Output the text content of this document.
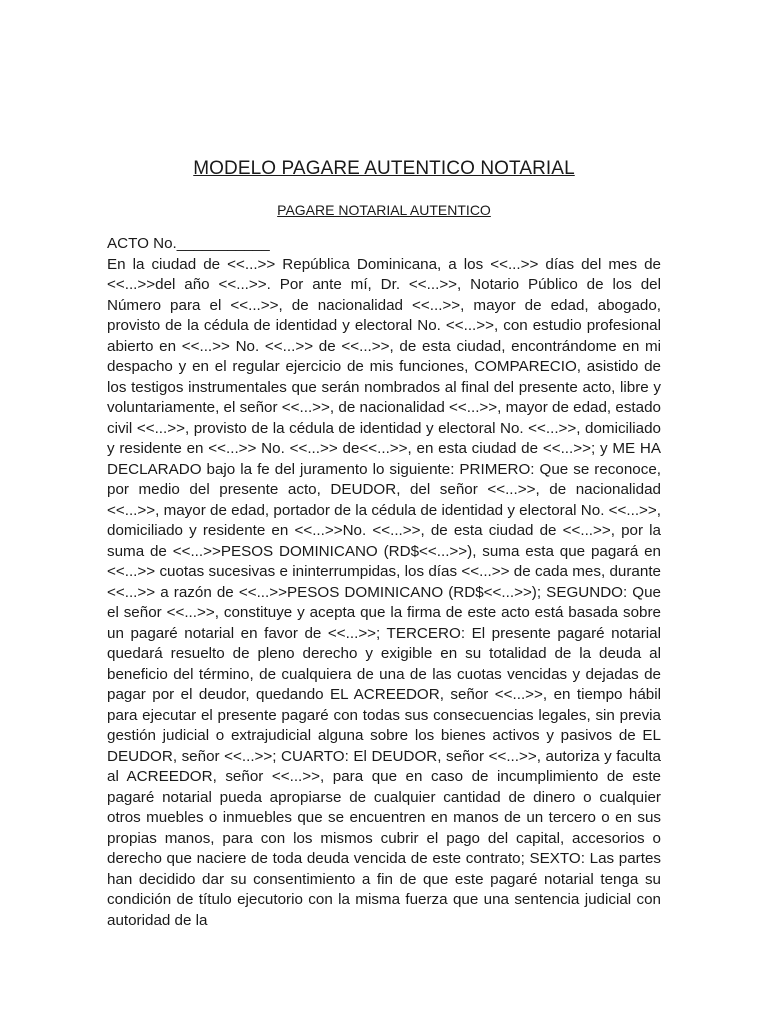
MODELO PAGARE AUTENTICO NOTARIAL
PAGARE NOTARIAL AUTENTICO
ACTO No.___________

En la ciudad de <<...>> República Dominicana, a los <<...>> días del mes de <<...>>del año <<...>>. Por ante mí, Dr. <<...>>, Notario Público de los del Número para el <<...>>, de nacionalidad <<...>>, mayor de edad, abogado, provisto de la cédula de identidad y electoral No. <<...>>, con estudio profesional abierto en <<...>> No. <<...>> de <<...>>, de esta ciudad, encontrándome en mi despacho y en el regular ejercicio de mis funciones, COMPARECIO, asistido de los testigos instrumentales que serán nombrados al final del presente acto, libre y voluntariamente, el señor <<...>>, de nacionalidad <<...>>, mayor de edad, estado civil <<...>>, provisto de la cédula de identidad y electoral No. <<...>>, domiciliado y residente en <<...>> No. <<...>> de<<...>>, en esta ciudad de <<...>>; y ME HA DECLARADO bajo la fe del juramento lo siguiente: PRIMERO: Que se reconoce, por medio del presente acto, DEUDOR, del señor <<...>>, de nacionalidad <<...>>, mayor de edad, portador de la cédula de identidad y electoral No. <<...>>, domiciliado y residente en <<...>>No. <<...>>, de esta ciudad de <<...>>, por la suma de <<...>>PESOS DOMINICANO (RD$<<...>>), suma esta que pagará en <<...>> cuotas sucesivas e ininterrumpidas, los días <<...>> de cada mes, durante <<...>> a razón de <<...>>PESOS DOMINICANO (RD$<<...>>); SEGUNDO: Que el señor <<...>>, constituye y acepta que la firma de este acto está basada sobre un pagaré notarial en favor de <<...>>; TERCERO: El presente pagaré notarial quedará resuelto de pleno derecho y exigible en su totalidad de la deuda al beneficio del término, de cualquiera de una de las cuotas vencidas y dejadas de pagar por el deudor, quedando EL ACREEDOR, señor <<...>>, en tiempo hábil para ejecutar el presente pagaré con todas sus consecuencias legales, sin previa gestión judicial o extrajudicial alguna sobre los bienes activos y pasivos de EL DEUDOR, señor <<...>>; CUARTO: El DEUDOR, señor <<...>>, autoriza y faculta al ACREEDOR, señor <<...>>, para que en caso de incumplimiento de este pagaré notarial pueda apropiarse de cualquier cantidad de dinero o cualquier otros muebles o inmuebles que se encuentren en manos de un tercero o en sus propias manos, para con los mismos cubrir el pago del capital, accesorios o derecho que naciere de toda deuda vencida de este contrato; SEXTO: Las partes han decidido dar su consentimiento a fin de que este pagaré notarial tenga su condición de título ejecutorio con la misma fuerza que una sentencia judicial con autoridad de la
